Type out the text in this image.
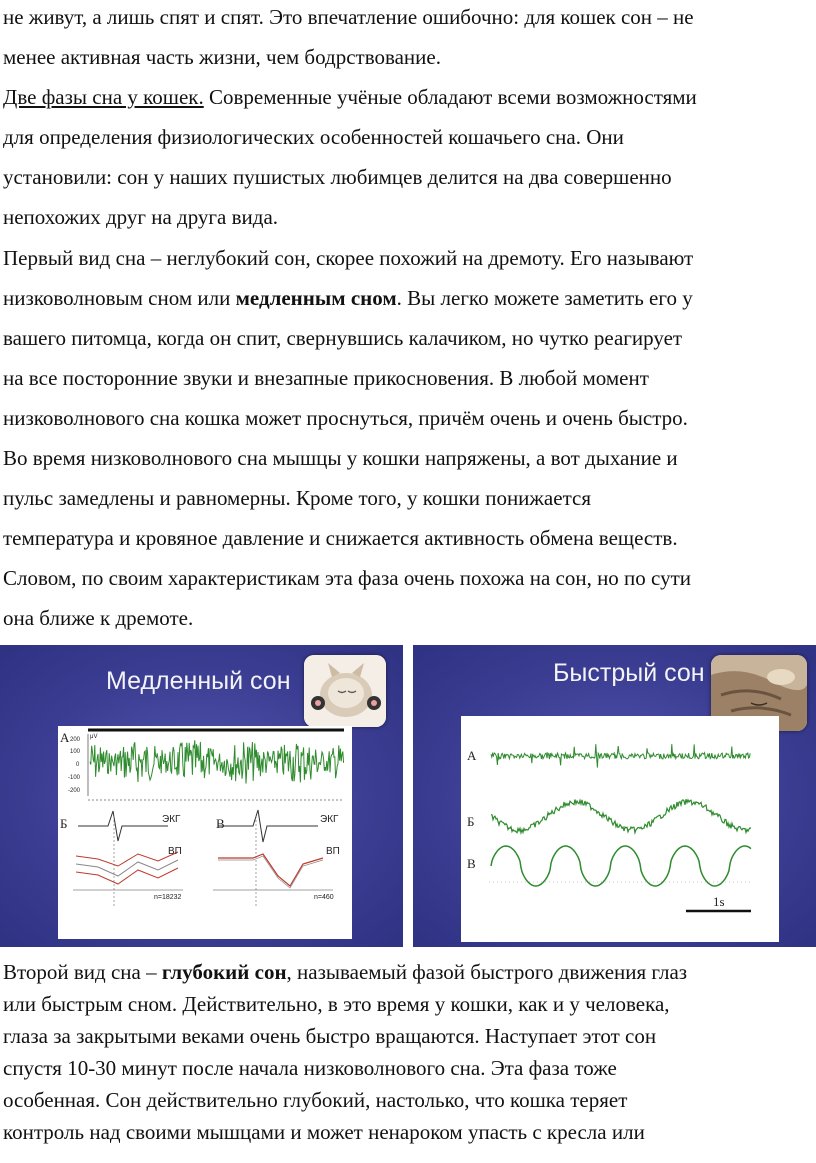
не живут, а лишь спят и спят. Это впечатление ошибочно: для кошек сон – не
менее активная часть жизни, чем бодрствование.
Две фазы сна у кошек. Современные учёные обладают всеми возможностями
для определения физиологических особенностей кошачьего сна. Они
установили: сон у наших пушистых любимцев делится на два совершенно
непохожих друг на друга вида.
Первый вид сна – неглубокий сон, скорее похожий на дремоту. Его называют
низковолновым сном или медленным сном. Вы легко можете заметить его у
вашего питомца, когда он спит, свернувшись калачиком, но чутко реагирует
на все посторонние звуки и внезапные прикосновения. В любой момент
низковолнового сна кошка может проснуться, причём очень и очень быстро.
Во время низковолнового сна мышцы у кошки напряжены, а вот дыхание и
пульс замедлены и равномерны. Кроме того, у кошки понижается
температура и кровяное давление и снижается активность обмена веществ.
Словом, по своим характеристикам эта фаза очень похожа на сон, но по сути
она ближе к дремоте.
Медленный сон
200
100
0
-100
-200
μV
А
Б	В
ЭКГ	ЭКГ
ВП	ВП
n=18232	n=460
Быстрый сон
А
Б
В
1s
Второй вид сна – глубокий сон, называемый фазой быстрого движения глаз
или быстрым сном. Действительно, в это время у кошки, как и у человека,
глаза за закрытыми веками очень быстро вращаются. Наступает этот сон
спустя 10-30 минут после начала низковолнового сна. Эта фаза тоже
особенная. Сон действительно глубокий, настолько, что кошка теряет
контроль над своими мышцами и может ненароком упасть с кресла или
